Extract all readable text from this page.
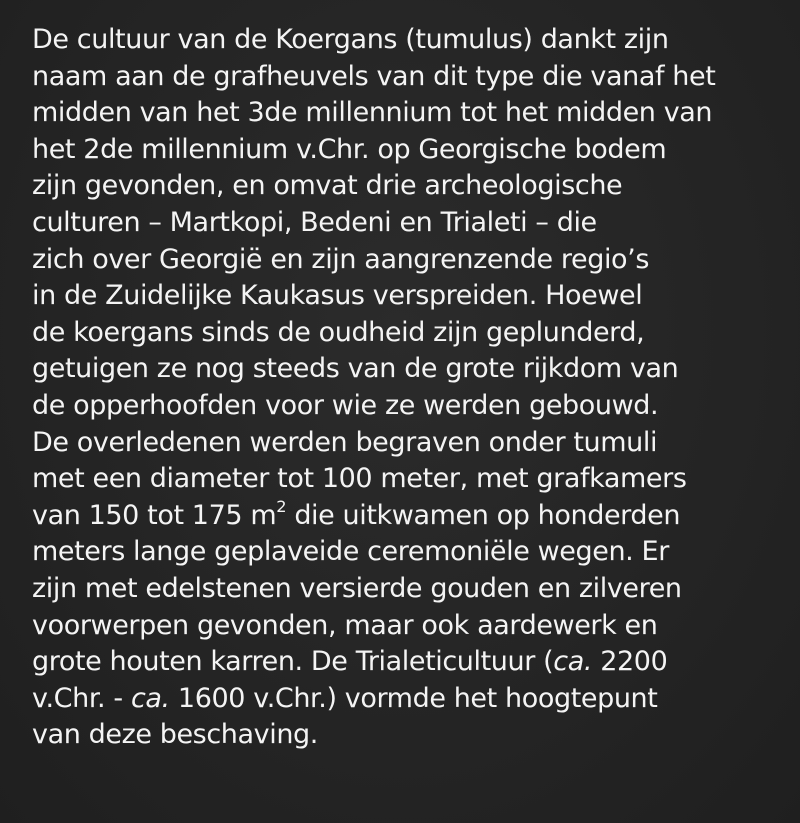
De cultuur van de Koergans (tumulus) dankt zijn
naam aan de grafheuvels van dit type die vanaf het
midden van het 3de millennium tot het midden van
het 2de millennium v.Chr. op Georgische bodem
zijn gevonden, en omvat drie archeologische
culturen – Martkopi, Bedeni en Trialeti – die
zich over Georgië en zijn aangrenzende regio’s
in de Zuidelijke Kaukasus verspreiden. Hoewel
de koergans sinds de oudheid zijn geplunderd,
getuigen ze nog steeds van de grote rijkdom van
de opperhoofden voor wie ze werden gebouwd.
De overledenen werden begraven onder tumuli
met een diameter tot 100 meter, met grafkamers
van 150 tot 175 $m^2$ die uitkwamen op honderden
meters lange geplaveide ceremoniële wegen. Er
zijn met edelstenen versierde gouden en zilveren
voorwerpen gevonden, maar ook aardewerk en
grote houten karren. De Trialeticultuur (ca. 2200
v.Chr. - ca. 1600 v.Chr.) vormde het hoogtepunt
van deze beschaving.
